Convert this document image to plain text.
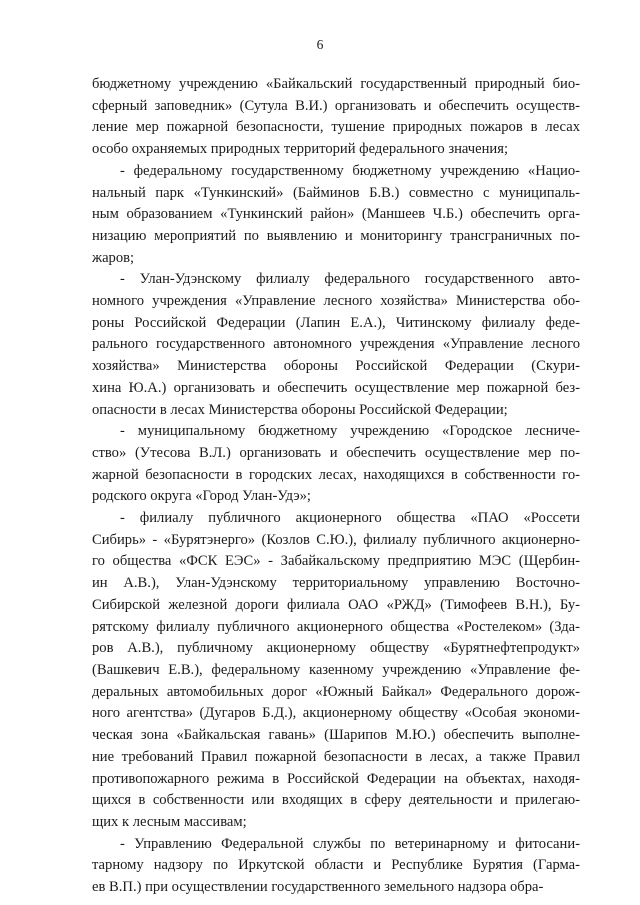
6
бюджетному учреждению «Байкальский государственный природный био-
сферный заповедник» (Сутула В.И.) организовать и обеспечить осуществ-
ление мер пожарной безопасности, тушение природных пожаров в лесах
особо охраняемых природных территорий федерального значения;
- федеральному государственному бюджетному учреждению «Нацио-
нальный парк «Тункинский» (Байминов Б.В.) совместно с муниципаль-
ным образованием «Тункинский район» (Маншеев Ч.Б.) обеспечить орга-
низацию мероприятий по выявлению и мониторингу трансграничных по-
жаров;
- Улан-Удэнскому филиалу федерального государственного авто-
номного учреждения «Управление лесного хозяйства» Министерства обо-
роны Российской Федерации (Лапин Е.А.), Читинскому филиалу феде-
рального государственного автономного учреждения «Управление лесного
хозяйства» Министерства обороны Российской Федерации (Скури-
хина Ю.А.) организовать и обеспечить осуществление мер пожарной без-
опасности в лесах Министерства обороны Российской Федерации;
- муниципальному бюджетному учреждению «Городское лесниче-
ство» (Утесова В.Л.) организовать и обеспечить осуществление мер по-
жарной безопасности в городских лесах, находящихся в собственности го-
родского округа «Город Улан-Удэ»;
- филиалу публичного акционерного общества «ПАО «Россети
Сибирь» - «Бурятэнерго» (Козлов С.Ю.), филиалу публичного акционерно-
го общества «ФСК ЕЭС» - Забайкальскому предприятию МЭС (Щербин-
ин А.В.), Улан-Удэнскому территориальному управлению Восточно-
Сибирской железной дороги филиала ОАО «РЖД» (Тимофеев В.Н.), Бу-
рятскому филиалу публичного акционерного общества «Ростелеком» (Зда-
ров А.В.), публичному акционерному обществу «Бурятнефтепродукт»
(Вашкевич Е.В.), федеральному казенному учреждению «Управление фе-
деральных автомобильных дорог «Южный Байкал» Федерального дорож-
ного агентства» (Дугаров Б.Д.), акционерному обществу «Особая экономи-
ческая зона «Байкальская гавань» (Шарипов М.Ю.) обеспечить выполне-
ние требований Правил пожарной безопасности в лесах, а также Правил
противопожарного режима в Российской Федерации на объектах, находя-
щихся в собственности или входящих в сферу деятельности и прилегаю-
щих к лесным массивам;
- Управлению Федеральной службы по ветеринарному и фитосани-
тарному надзору по Иркутской области и Республике Бурятия (Гарма-
ев В.П.) при осуществлении государственного земельного надзора обра-
